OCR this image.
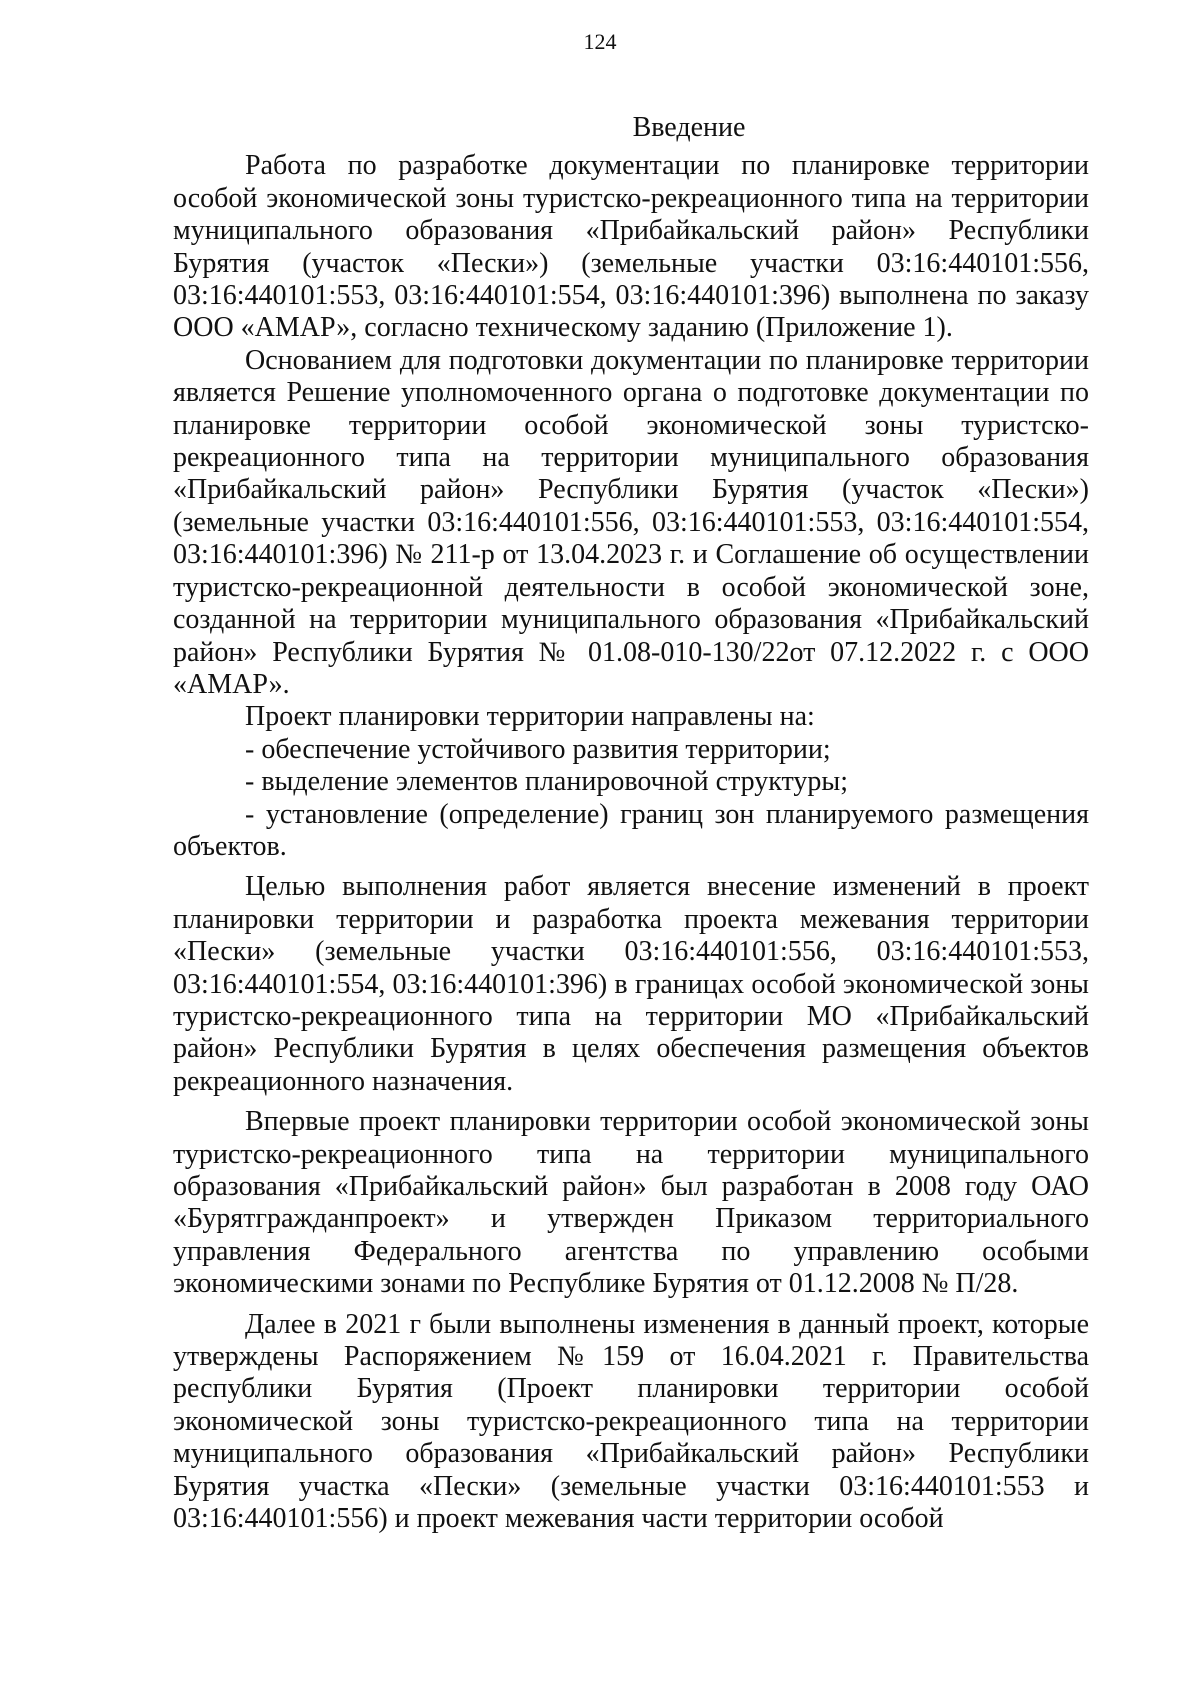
124
Введение

Работа по разработке документации по планировке территории особой экономической зоны туристско-рекреационного типа на территории муниципального образования «Прибайкальский район» Республики Бурятия (участок «Пески») (земельные участки 03:16:440101:556, 03:16:440101:553, 03:16:440101:554, 03:16:440101:396) выполнена по заказу ООО «АМАР», согласно техническому заданию (Приложение 1).

Основанием для подготовки документации по планировке территории является Решение уполномоченного органа о подготовке документации по планировке территории особой экономической зоны туристско-рекреационного типа на территории муниципального образования «Прибайкальский район» Республики Бурятия (участок «Пески») (земельные участки 03:16:440101:556, 03:16:440101:553, 03:16:440101:554, 03:16:440101:396) № 211-р от 13.04.2023 г. и Соглашение об осуществлении туристско-рекреационной деятельности в особой экономической зоне, созданной на территории муниципального образования «Прибайкальский район» Республики Бурятия № 01.08-010-130/22от 07.12.2022 г. с ООО «АМАР».

Проект планировки территории направлены на:

- обеспечение устойчивого развития территории;

- выделение элементов планировочной структуры;

- установление (определение) границ зон планируемого размещения объектов.

Целью выполнения работ является внесение изменений в проект планировки территории и разработка проекта межевания территории «Пески» (земельные участки 03:16:440101:556, 03:16:440101:553, 03:16:440101:554, 03:16:440101:396) в границах особой экономической зоны туристско-рекреационного типа на территории МО «Прибайкальский район» Республики Бурятия в целях обеспечения размещения объектов рекреационного назначения.

Впервые проект планировки территории особой экономической зоны туристско-рекреационного типа на территории муниципального образования «Прибайкальский район» был разработан в 2008 году ОАО «Бурятгражданпроект» и утвержден Приказом территориального управления Федерального агентства по управлению особыми экономическими зонами по Республике Бурятия от 01.12.2008 № П/28.

Далее в 2021 г были выполнены изменения в данный проект, которые утверждены Распоряжением №159 от 16.04.2021 г. Правительства республики Бурятия (Проект планировки территории особой экономической зоны туристско-рекреационного типа на территории муниципального образования «Прибайкальский район» Республики Бурятия участка «Пески» (земельные участки 03:16:440101:553 и 03:16:440101:556) и проект межевания части территории особой
